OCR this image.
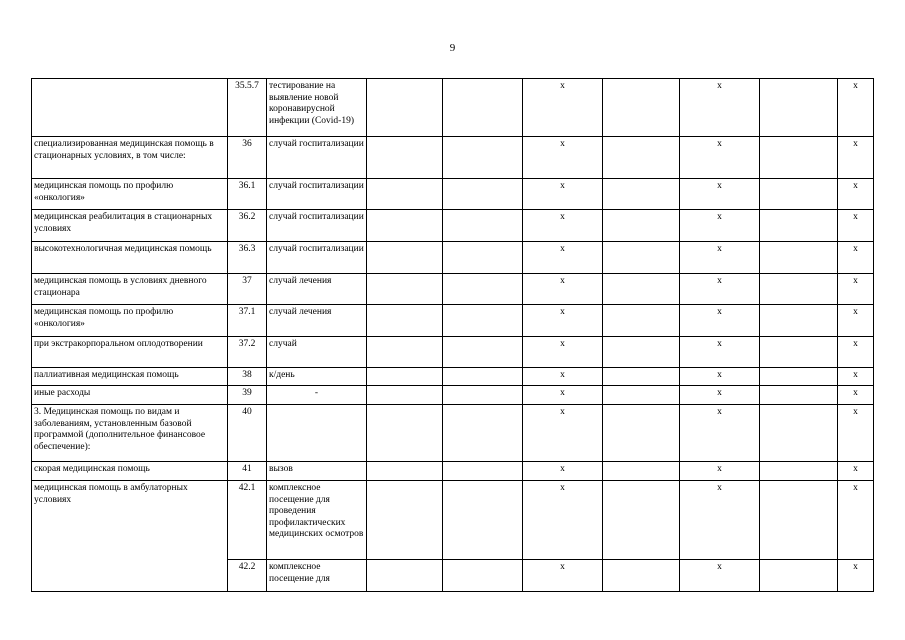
9
	35.5.7	тестирование на выявление новой коронавирусной инфекции (Covid-19)			х		х		х
специализированная медицинская помощь в стационарных условиях, в том числе:	36	случай госпитализации			х		х		х
медицинская помощь по профилю «онкология»	36.1	случай госпитализации			х		х		х
медицинская реабилитация в стационарных условиях	36.2	случай госпитализации			х		х		х
высокотехнологичная медицинская помощь	36.3	случай госпитализации			х		х		х
медицинская помощь в условиях дневного стационара	37	случай лечения			х		х		х
медицинская помощь по профилю «онкология»	37.1	случай лечения			х		х		х
при экстракорпоральном оплодотворении	37.2	случай			х		х		х
паллиативная медицинская помощь	38	к/день			х		х		х
иные расходы	39	-			х		х		х
3. Медицинская помощь по видам и заболеваниям, установленным базовой программой (дополнительное финансовое обеспечение):	40				х		х		х
скорая медицинская помощь	41	вызов			х		х		х
медицинская помощь в амбулаторных условиях	42.1	комплексное посещение для проведения профилактических медицинских осмотров			х		х		х
	42.2	комплексное посещение для			х		х		х
